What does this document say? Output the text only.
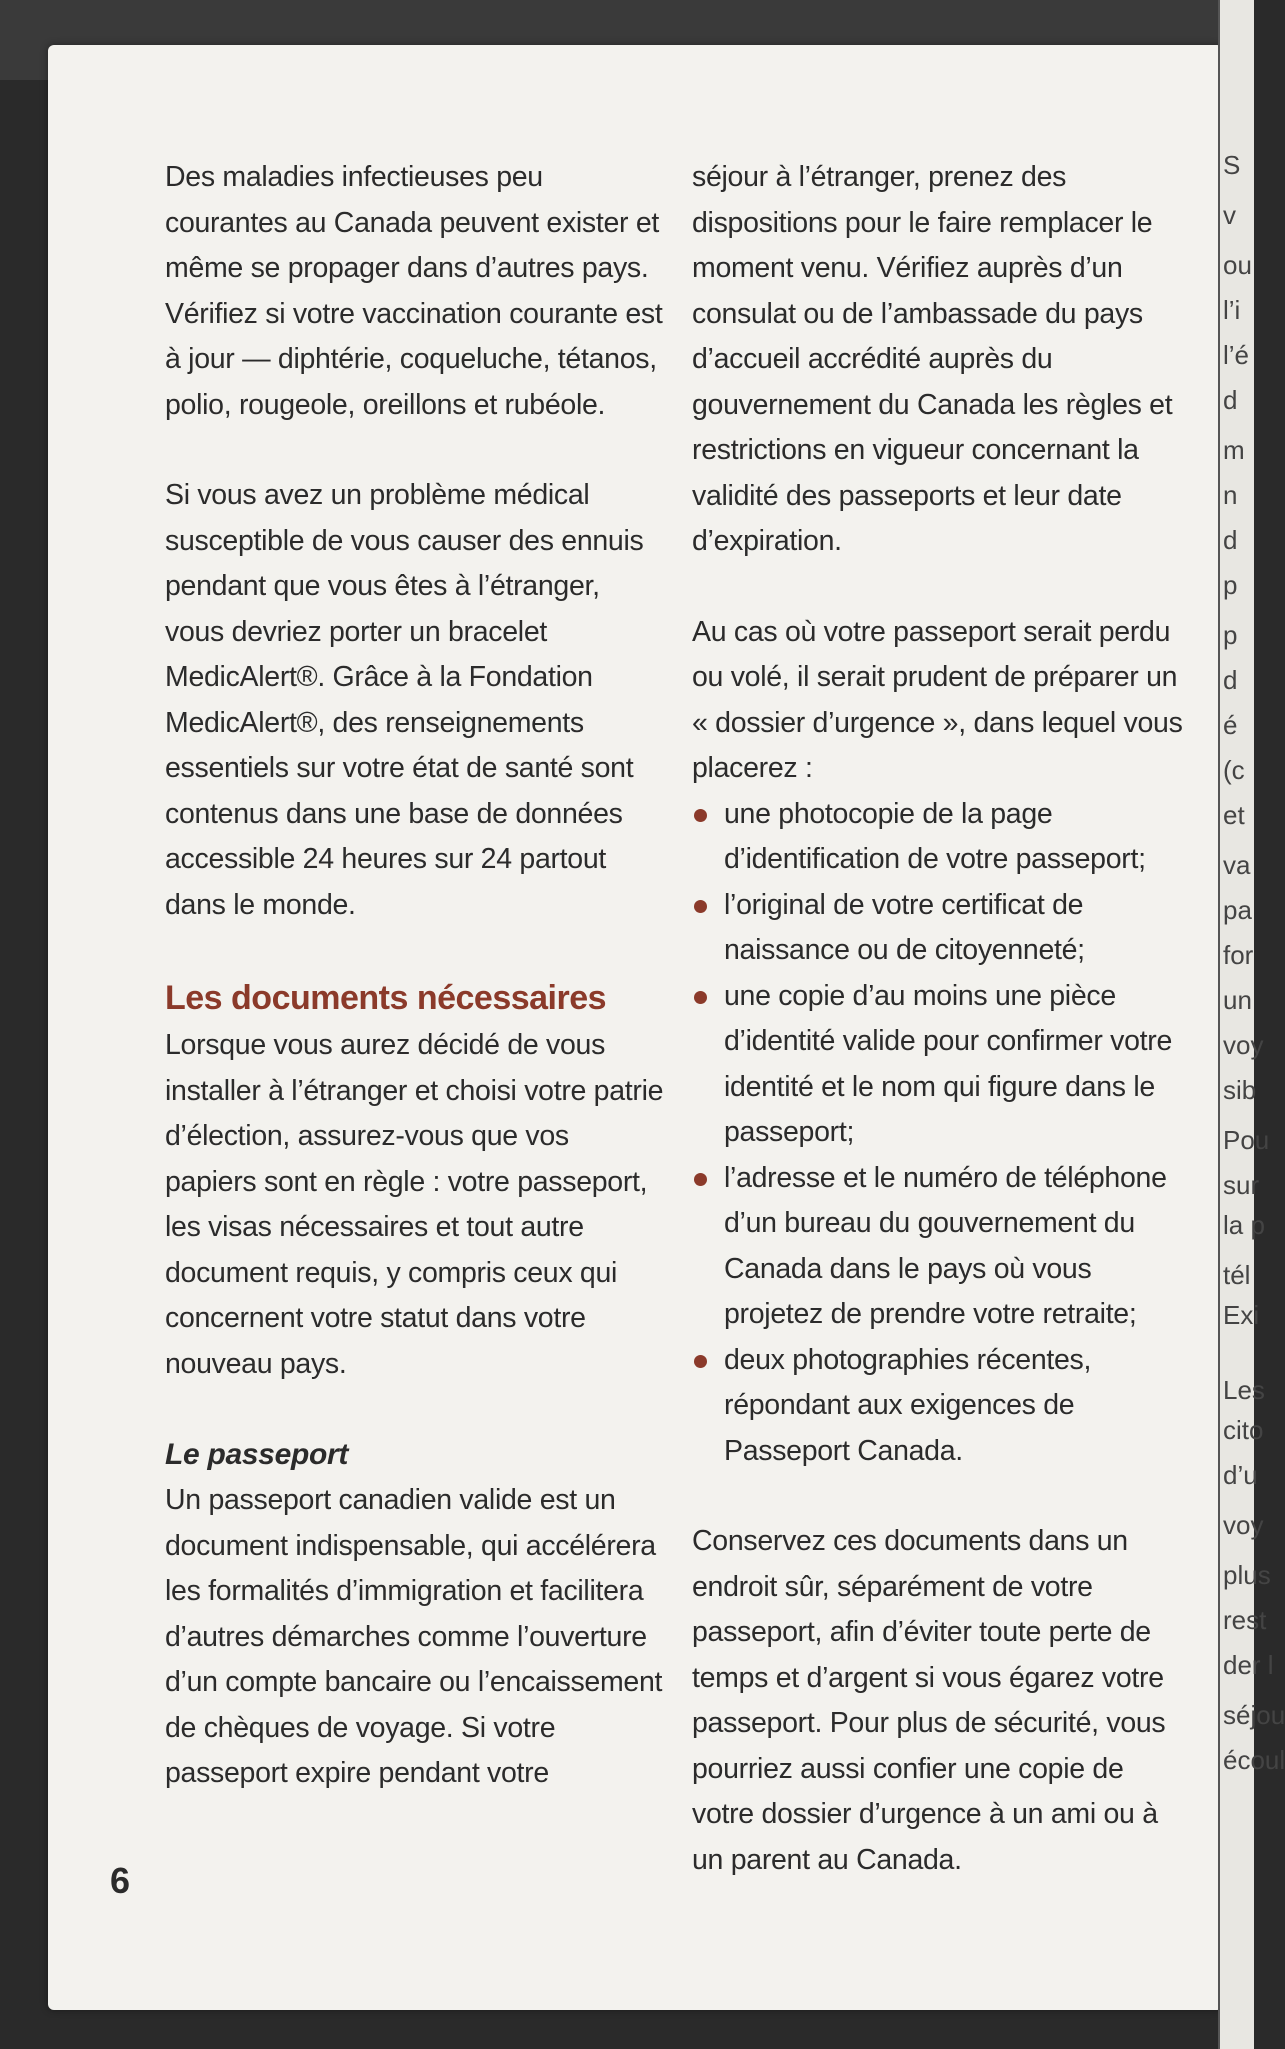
S
v
ou
l’i
l’é
d
m
n
d
p
p
d
é
(c
et
va
pa
for
un
voy
sib
Pou
sur
la p
tél
Exi
Les
cito
d’u
voy
plus
rest
der l
séjou
écoul

Des maladies infectieuses peu courantes au Canada peuvent exister et même se propager dans d’autres pays. Vérifiez si votre vaccination courante est à jour — diphtérie, coqueluche, tétanos, polio, rougeole, oreillons et rubéole.

Si vous avez un problème médical susceptible de vous causer des ennuis pendant que vous êtes à l’étranger, vous devriez porter un bracelet MedicAlert®. Grâce à la Fondation MedicAlert®, des renseignements essentiels sur votre état de santé sont contenus dans une base de données accessible 24 heures sur 24 partout dans le monde.

Les documents nécessaires

Lorsque vous aurez décidé de vous installer à l’étranger et choisi votre patrie d’élection, assurez-vous que vos papiers sont en règle : votre passeport, les visas nécessaires et tout autre document requis, y compris ceux qui concernent votre statut dans votre nouveau pays.

Le passeport

Un passeport canadien valide est un document indispensable, qui accélérera les formalités d’immigration et facilitera d’autres démarches comme l’ouverture d’un compte bancaire ou l’encaissement de chèques de voyage. Si votre passeport expire pendant votre

séjour à l’étranger, prenez des dispositions pour le faire remplacer le moment venu. Vérifiez auprès d’un consulat ou de l’ambassade du pays d’accueil accrédité auprès du gouvernement du Canada les règles et restrictions en vigueur concernant la validité des passeports et leur date d’expiration.

Au cas où votre passeport serait perdu ou volé, il serait prudent de préparer un « dossier d’urgence », dans lequel vous placerez :

une photocopie de la page d’identification de votre passeport;
l’original de votre certificat de naissance ou de citoyenneté;
une copie d’au moins une pièce d’identité valide pour confirmer votre identité et le nom qui figure dans le passeport;
l’adresse et le numéro de téléphone d’un bureau du gouvernement du Canada dans le pays où vous projetez de prendre votre retraite;
deux photographies récentes, répondant aux exigences de Passeport Canada.

Conservez ces documents dans un endroit sûr, séparément de votre passeport, afin d’éviter toute perte de temps et d’argent si vous égarez votre passeport. Pour plus de sécurité, vous pourriez aussi confier une copie de votre dossier d’urgence à un ami ou à un parent au Canada.

6
